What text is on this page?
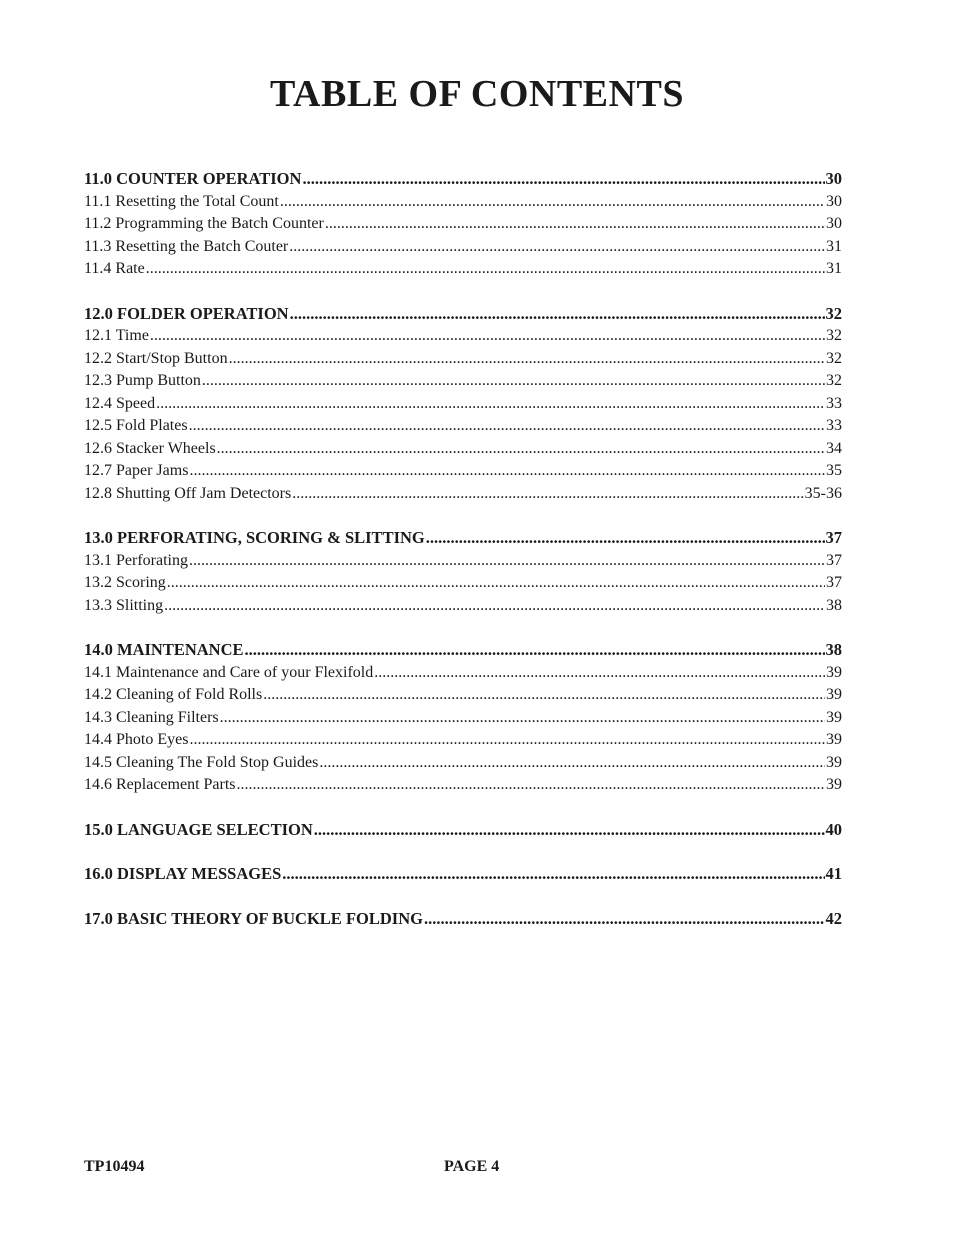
TABLE OF CONTENTS
11.0 COUNTER OPERATION .....	30
11.1 Resetting the Total Count .....	30
11.2 Programming the Batch Counter .....	30
11.3 Resetting the Batch Couter .....	31
11.4 Rate .....	31
12.0 FOLDER OPERATION .....	32
12.1 Time .....	32
12.2 Start/Stop Button .....	32
12.3 Pump Button .....	32
12.4 Speed .....	33
12.5 Fold Plates .....	33
12.6 Stacker Wheels .....	34
12.7 Paper Jams .....	35
12.8 Shutting Off Jam Detectors .....	35-36
13.0 PERFORATING, SCORING & SLITTING .....	37
13.1 Perforating .....	37
13.2 Scoring .....	37
13.3 Slitting .....	38
14.0 MAINTENANCE .....	38
14.1 Maintenance and Care of your Flexifold .....	39
14.2 Cleaning of Fold Rolls .....	39
14.3 Cleaning Filters .....	39
14.4 Photo Eyes .....	39
14.5 Cleaning The Fold Stop Guides .....	39
14.6 Replacement Parts .....	39
15.0 LANGUAGE SELECTION .....	40
16.0 DISPLAY MESSAGES .....	41
17.0 BASIC THEORY OF BUCKLE FOLDING .....	42
TP10494	PAGE 4
